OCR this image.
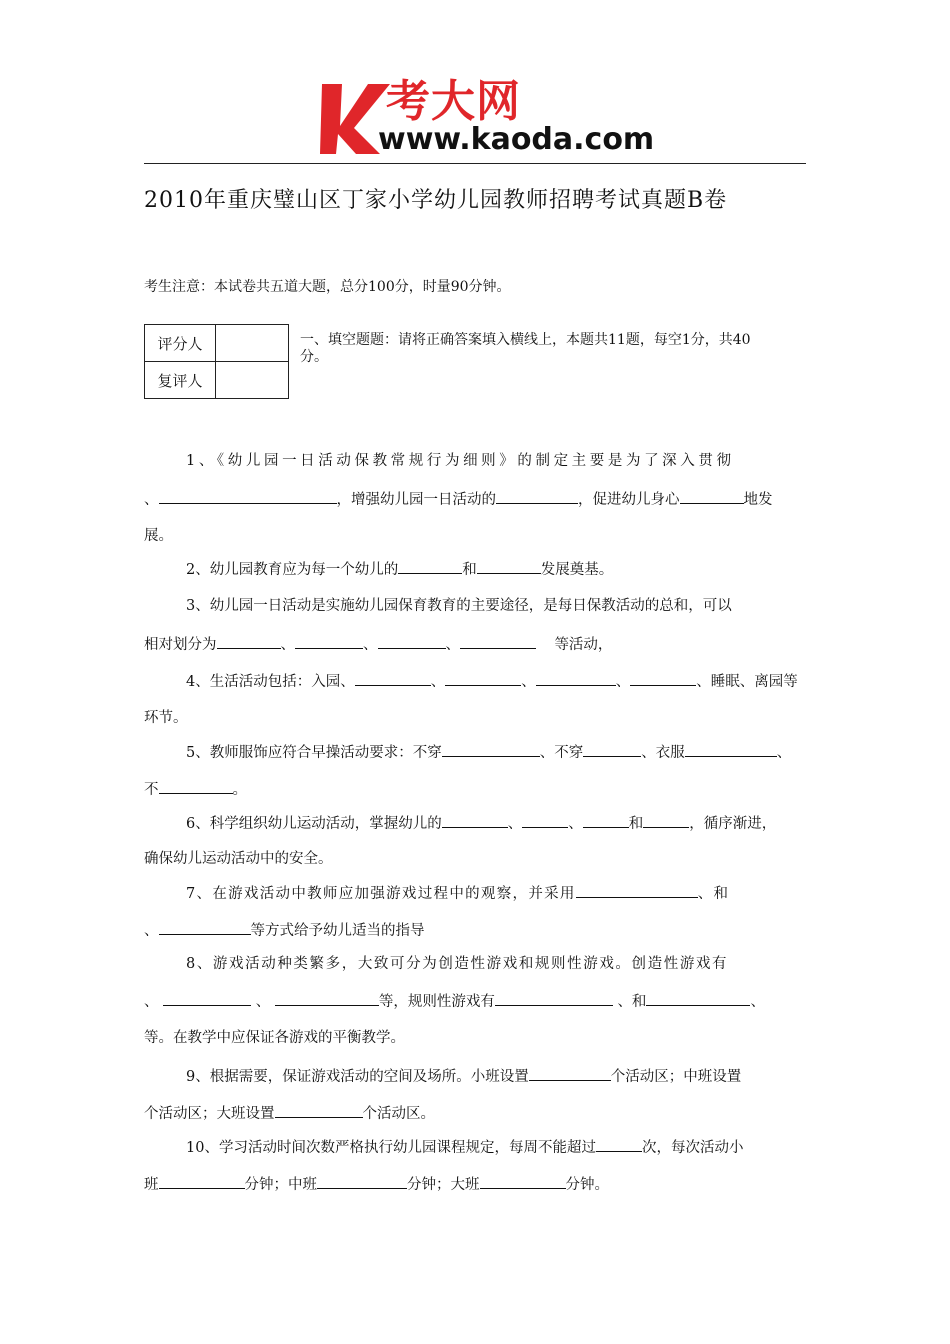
考大网
www.kaoda.com
2010年重庆璧山区丁家小学幼儿园教师招聘考试真题B卷
考生注意：本试卷共五道大题，总分100分，时量90分钟。
评分人	
复评人	
一、填空题题：请将正确答案填入横线上，本题共11题，每空1分，共40
分。
1、《幼儿园一日活动保教常规行为细则》的制定主要是为了深入贯彻
、	，增强幼儿园一日活动的	，促进幼儿身心	地发
展。
2、幼儿园教育应为每一个幼儿的	和	发展奠基。
3、幼儿园一日活动是实施幼儿园保育教育的主要途径，是每日保教活动的总和，可以
相对划分为	、	、	、	等活动，
4、生活活动包括：入园、	、	、	、	、睡眠、离园等
环节。
5、教师服饰应符合早操活动要求：不穿	、不穿	、衣服	、
不	。
6、科学组织幼儿运动活动，掌握幼儿的	、	、	和	，循序渐进，
确保幼儿运动活动中的安全。
7、在游戏活动中教师应加强游戏过程中的观察，并采用	、和
、	等方式给予幼儿适当的指导
8、游戏活动种类繁多，大致可分为创造性游戏和规则性游戏。创造性游戏有
、	、	等，规则性游戏有	、和	、
等。在教学中应保证各游戏的平衡教学。
9、根据需要，保证游戏活动的空间及场所。小班设置	个活动区；中班设置
个活动区；大班设置	个活动区。
10、学习活动时间次数严格执行幼儿园课程规定，每周不能超过	次，每次活动小
班	分钟；中班	分钟；大班	分钟。
